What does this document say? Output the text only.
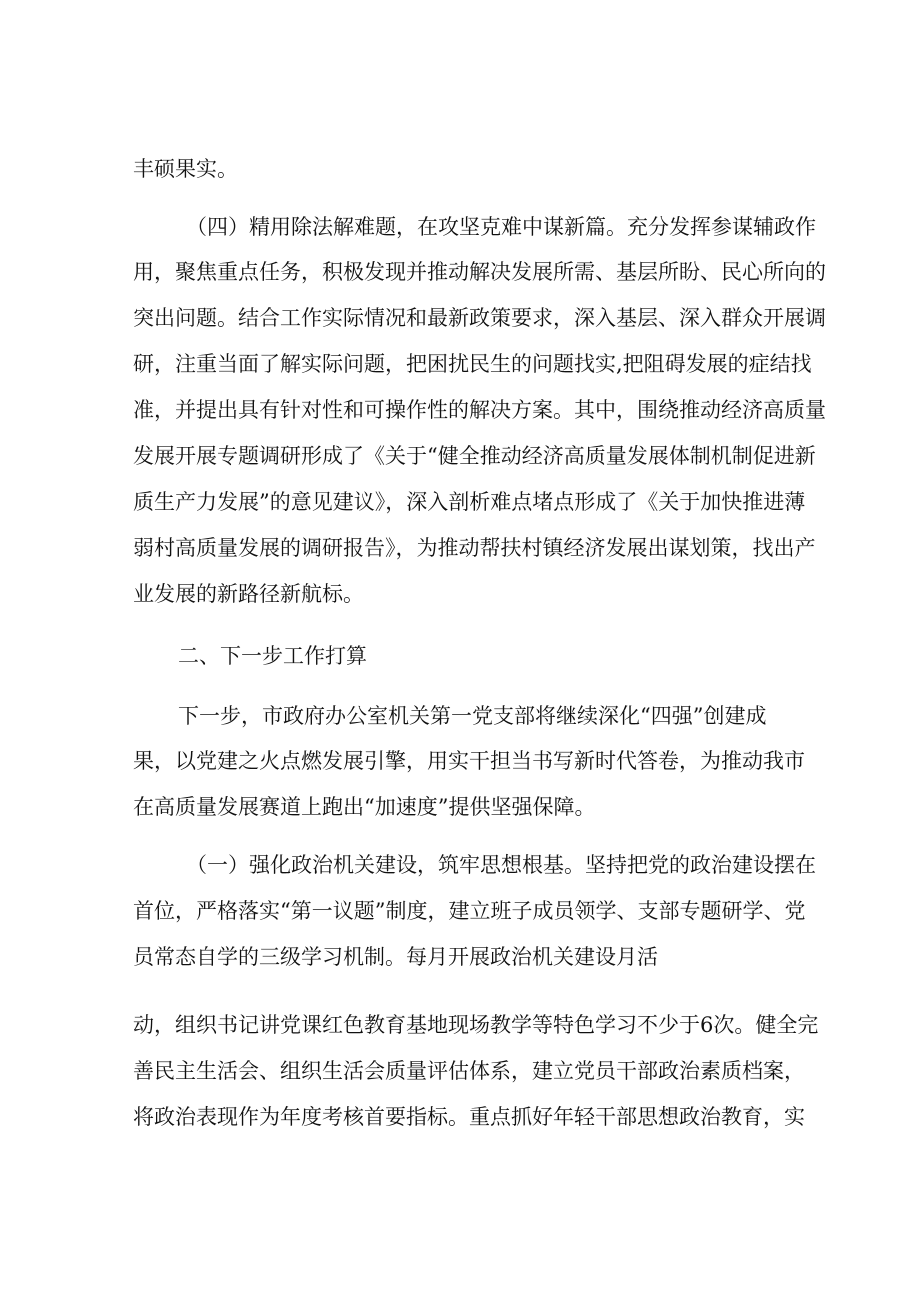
丰硕果实。
（四）精用除法解难题，在攻坚克难中谋新篇。充分发挥参谋辅政作
用，聚焦重点任务，积极发现并推动解决发展所需、基层所盼、民心所向的
突出问题。结合工作实际情况和最新政策要求，深入基层、深入群众开展调
研，注重当面了解实际问题，把困扰民生的问题找实,把阻碍发展的症结找
准，并提出具有针对性和可操作性的解决方案。其中，围绕推动经济高质量
发展开展专题调研形成了《关于“健全推动经济高质量发展体制机制促进新
质生产力发展”的意见建议》，深入剖析难点堵点形成了《关于加快推进薄
弱村高质量发展的调研报告》，为推动帮扶村镇经济发展出谋划策，找出产
业发展的新路径新航标。
二、下一步工作打算
下一步，市政府办公室机关第一党支部将继续深化“四强”创建成
果，以党建之火点燃发展引擎，用实干担当书写新时代答卷，为推动我市
在高质量发展赛道上跑出“加速度”提供坚强保障。
（一）强化政治机关建设，筑牢思想根基。坚持把党的政治建设摆在
首位，严格落实“第一议题”制度，建立班子成员领学、支部专题研学、党
员常态自学的三级学习机制。每月开展政治机关建设月活
动，组织书记讲党课红色教育基地现场教学等特色学习不少于6次。健全完
善民主生活会、组织生活会质量评估体系，建立党员干部政治素质档案，
将政治表现作为年度考核首要指标。重点抓好年轻干部思想政治教育，实
